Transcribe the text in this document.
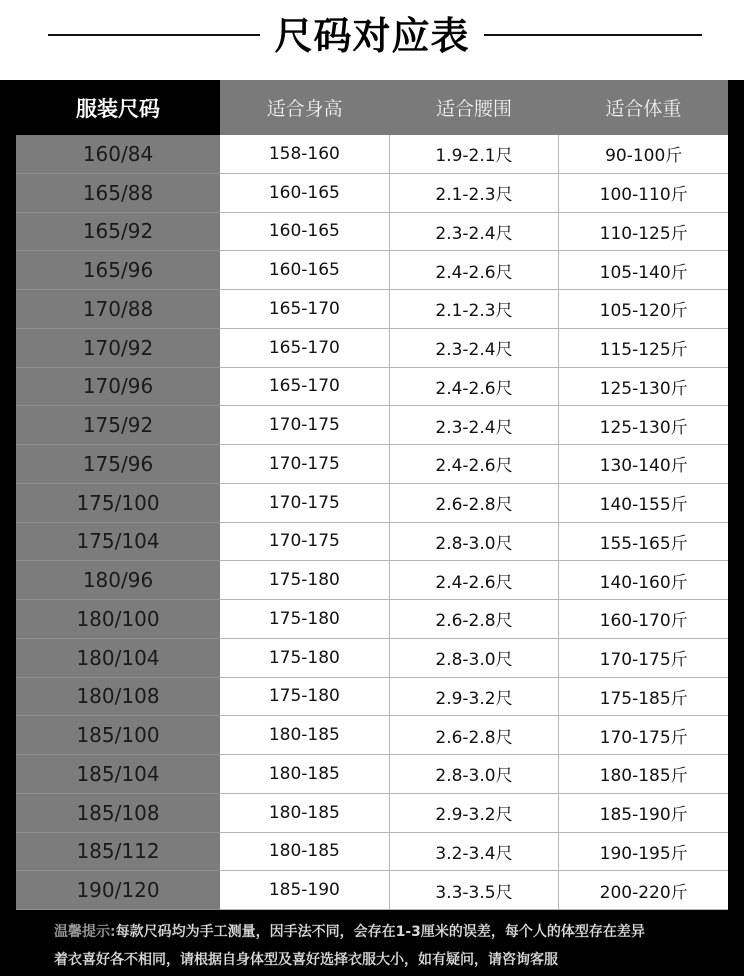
尺码对应表
服装尺码	适合身高	适合腰围	适合体重
160/84	158-160	1.9-2.1尺	90-100斤
165/88	160-165	2.1-2.3尺	100-110斤
165/92	160-165	2.3-2.4尺	110-125斤
165/96	160-165	2.4-2.6尺	105-140斤
170/88	165-170	2.1-2.3尺	105-120斤
170/92	165-170	2.3-2.4尺	115-125斤
170/96	165-170	2.4-2.6尺	125-130斤
175/92	170-175	2.3-2.4尺	125-130斤
175/96	170-175	2.4-2.6尺	130-140斤
175/100	170-175	2.6-2.8尺	140-155斤
175/104	170-175	2.8-3.0尺	155-165斤
180/96	175-180	2.4-2.6尺	140-160斤
180/100	175-180	2.6-2.8尺	160-170斤
180/104	175-180	2.8-3.0尺	170-175斤
180/108	175-180	2.9-3.2尺	175-185斤
185/100	180-185	2.6-2.8尺	170-175斤
185/104	180-185	2.8-3.0尺	180-185斤
185/108	180-185	2.9-3.2尺	185-190斤
185/112	180-185	3.2-3.4尺	190-195斤
190/120	185-190	3.3-3.5尺	200-220斤
温馨提示:每款尺码均为手工测量，因手法不同，会存在1-3厘米的误差，每个人的体型存在差异
着衣喜好各不相同，请根据自身体型及喜好选择衣服大小，如有疑问，请咨询客服
